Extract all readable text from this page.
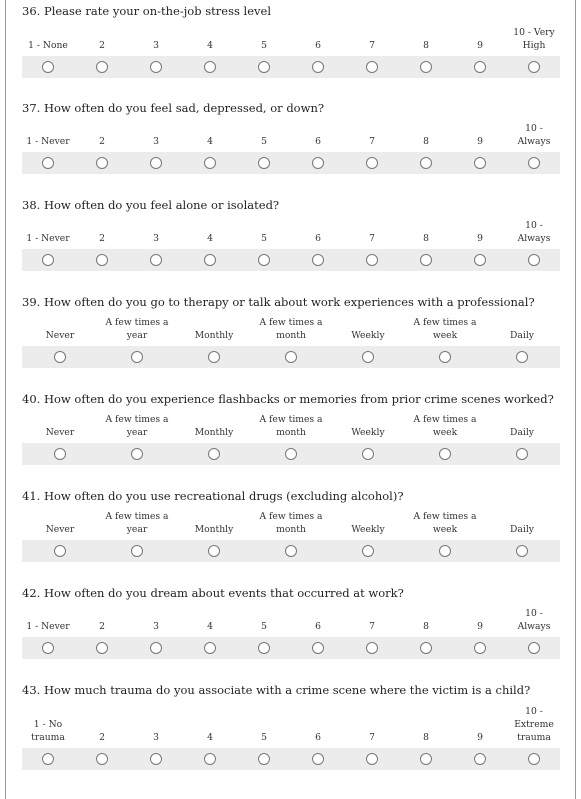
36. Please rate your on-the-job stress level
1 - None	2	3	4	5	6	7	8	9
10 - Very
High
37. How often do you feel sad, depressed, or down?
1 - Never	2	3	4	5	6	7	8	9
10 -
Always
38. How often do you feel alone or isolated?
1 - Never	2	3	4	5	6	7	8	9
10 -
Always
39. How often do you go to therapy or talk about work experiences with a professional?
Never
A few times a
year	Monthly
A few times a
month	Weekly
A few times a
week	Daily
40. How often do you experience flashbacks or memories from prior crime scenes worked?
Never
A few times a
year	Monthly
A few times a
month	Weekly
A few times a
week	Daily
41. How often do you use recreational drugs (excluding alcohol)?
Never
A few times a
year	Monthly
A few times a
month	Weekly
A few times a
week	Daily
42. How often do you dream about events that occurred at work?
1 - Never	2	3	4	5	6	7	8	9
10 -
Always
43. How much trauma do you associate with a crime scene where the victim is a child?
1 - No
trauma	2	3	4	5	6	7	8	9
10 -
Extreme
trauma
